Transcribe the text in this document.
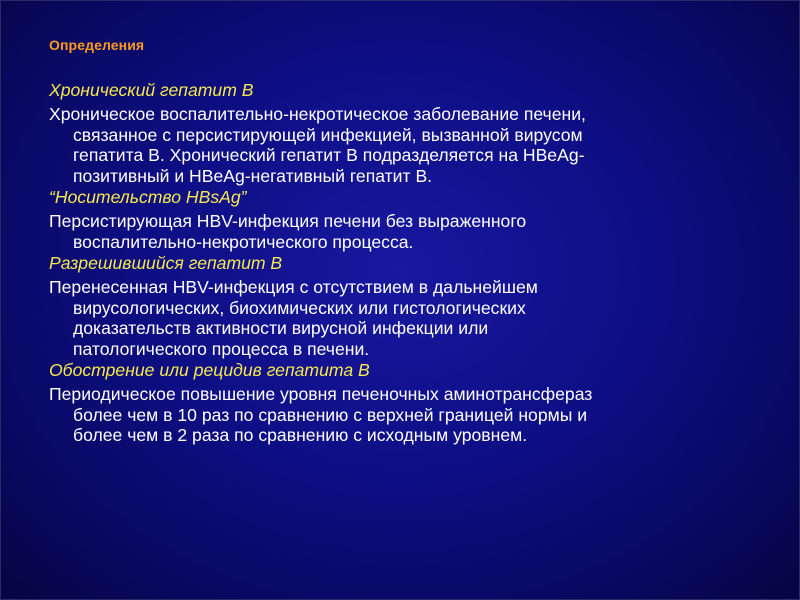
Определения
Хронический гепатит В
Хроническое воспалительно-некротическое заболевание печени,
связанное с персистирующей инфекцией, вызванной вирусом
гепатита В. Хронический гепатит В подразделяется на HBeAg-
позитивный и HBeAg-негативный гепатит В.
“Носительство HBsAg”
Персистирующая HBV-инфекция печени без выраженного
воспалительно-некротического процесса.
Разрешившийся гепатит В
Перенесенная HBV-инфекция с отсутствием в дальнейшем
вирусологических, биохимических или гистологических
доказательств активности вирусной инфекции или
патологического процесса в печени.
Обострение или рецидив гепатита В
Периодическое повышение уровня печеночных аминотрансфераз
более чем в 10 раз по сравнению с верхней границей нормы и
более чем в 2 раза по сравнению с исходным уровнем.
